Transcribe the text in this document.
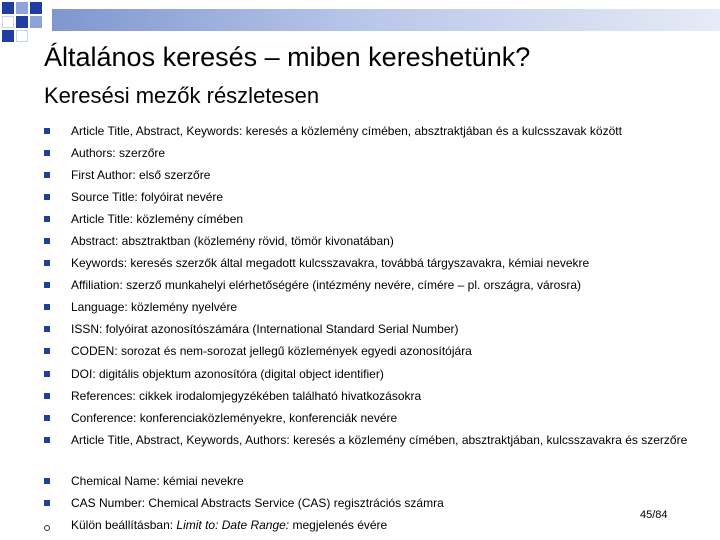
Általános keresés – miben kereshetünk?
Keresési mezők részletesen
Article Title, Abstract, Keywords: keresés a közlemény címében, absztraktjában és a kulcsszavak között
Authors: szerzőre
First Author: első szerzőre
Source Title: folyóirat nevére
Article Title: közlemény címében
Abstract: absztraktban (közlemény rövid, tömör kivonatában)
Keywords: keresés szerzők által megadott kulcsszavakra, továbbá tárgyszavakra, kémiai nevekre
Affiliation: szerző munkahelyi elérhetőségére (intézmény nevére, címére – pl. országra, városra)
Language: közlemény nyelvére
ISSN: folyóirat azonosítószámára (International Standard Serial Number)
CODEN: sorozat és nem-sorozat jellegű közlemények egyedi azonosítójára
DOI: digitális objektum azonosítóra (digital object identifier)
References: cikkek irodalomjegyzékében található hivatkozásokra
Conference: konferenciaközleményekre, konferenciák nevére
Article Title, Abstract, Keywords, Authors: keresés a közlemény címében, absztraktjában, kulcsszavakra és szerzőre
Chemical Name: kémiai nevekre
CAS Number: Chemical Abstracts Service (CAS) regisztrációs számra
Külön beállításban: Limit to: Date Range: megjelenés évére
45/84
